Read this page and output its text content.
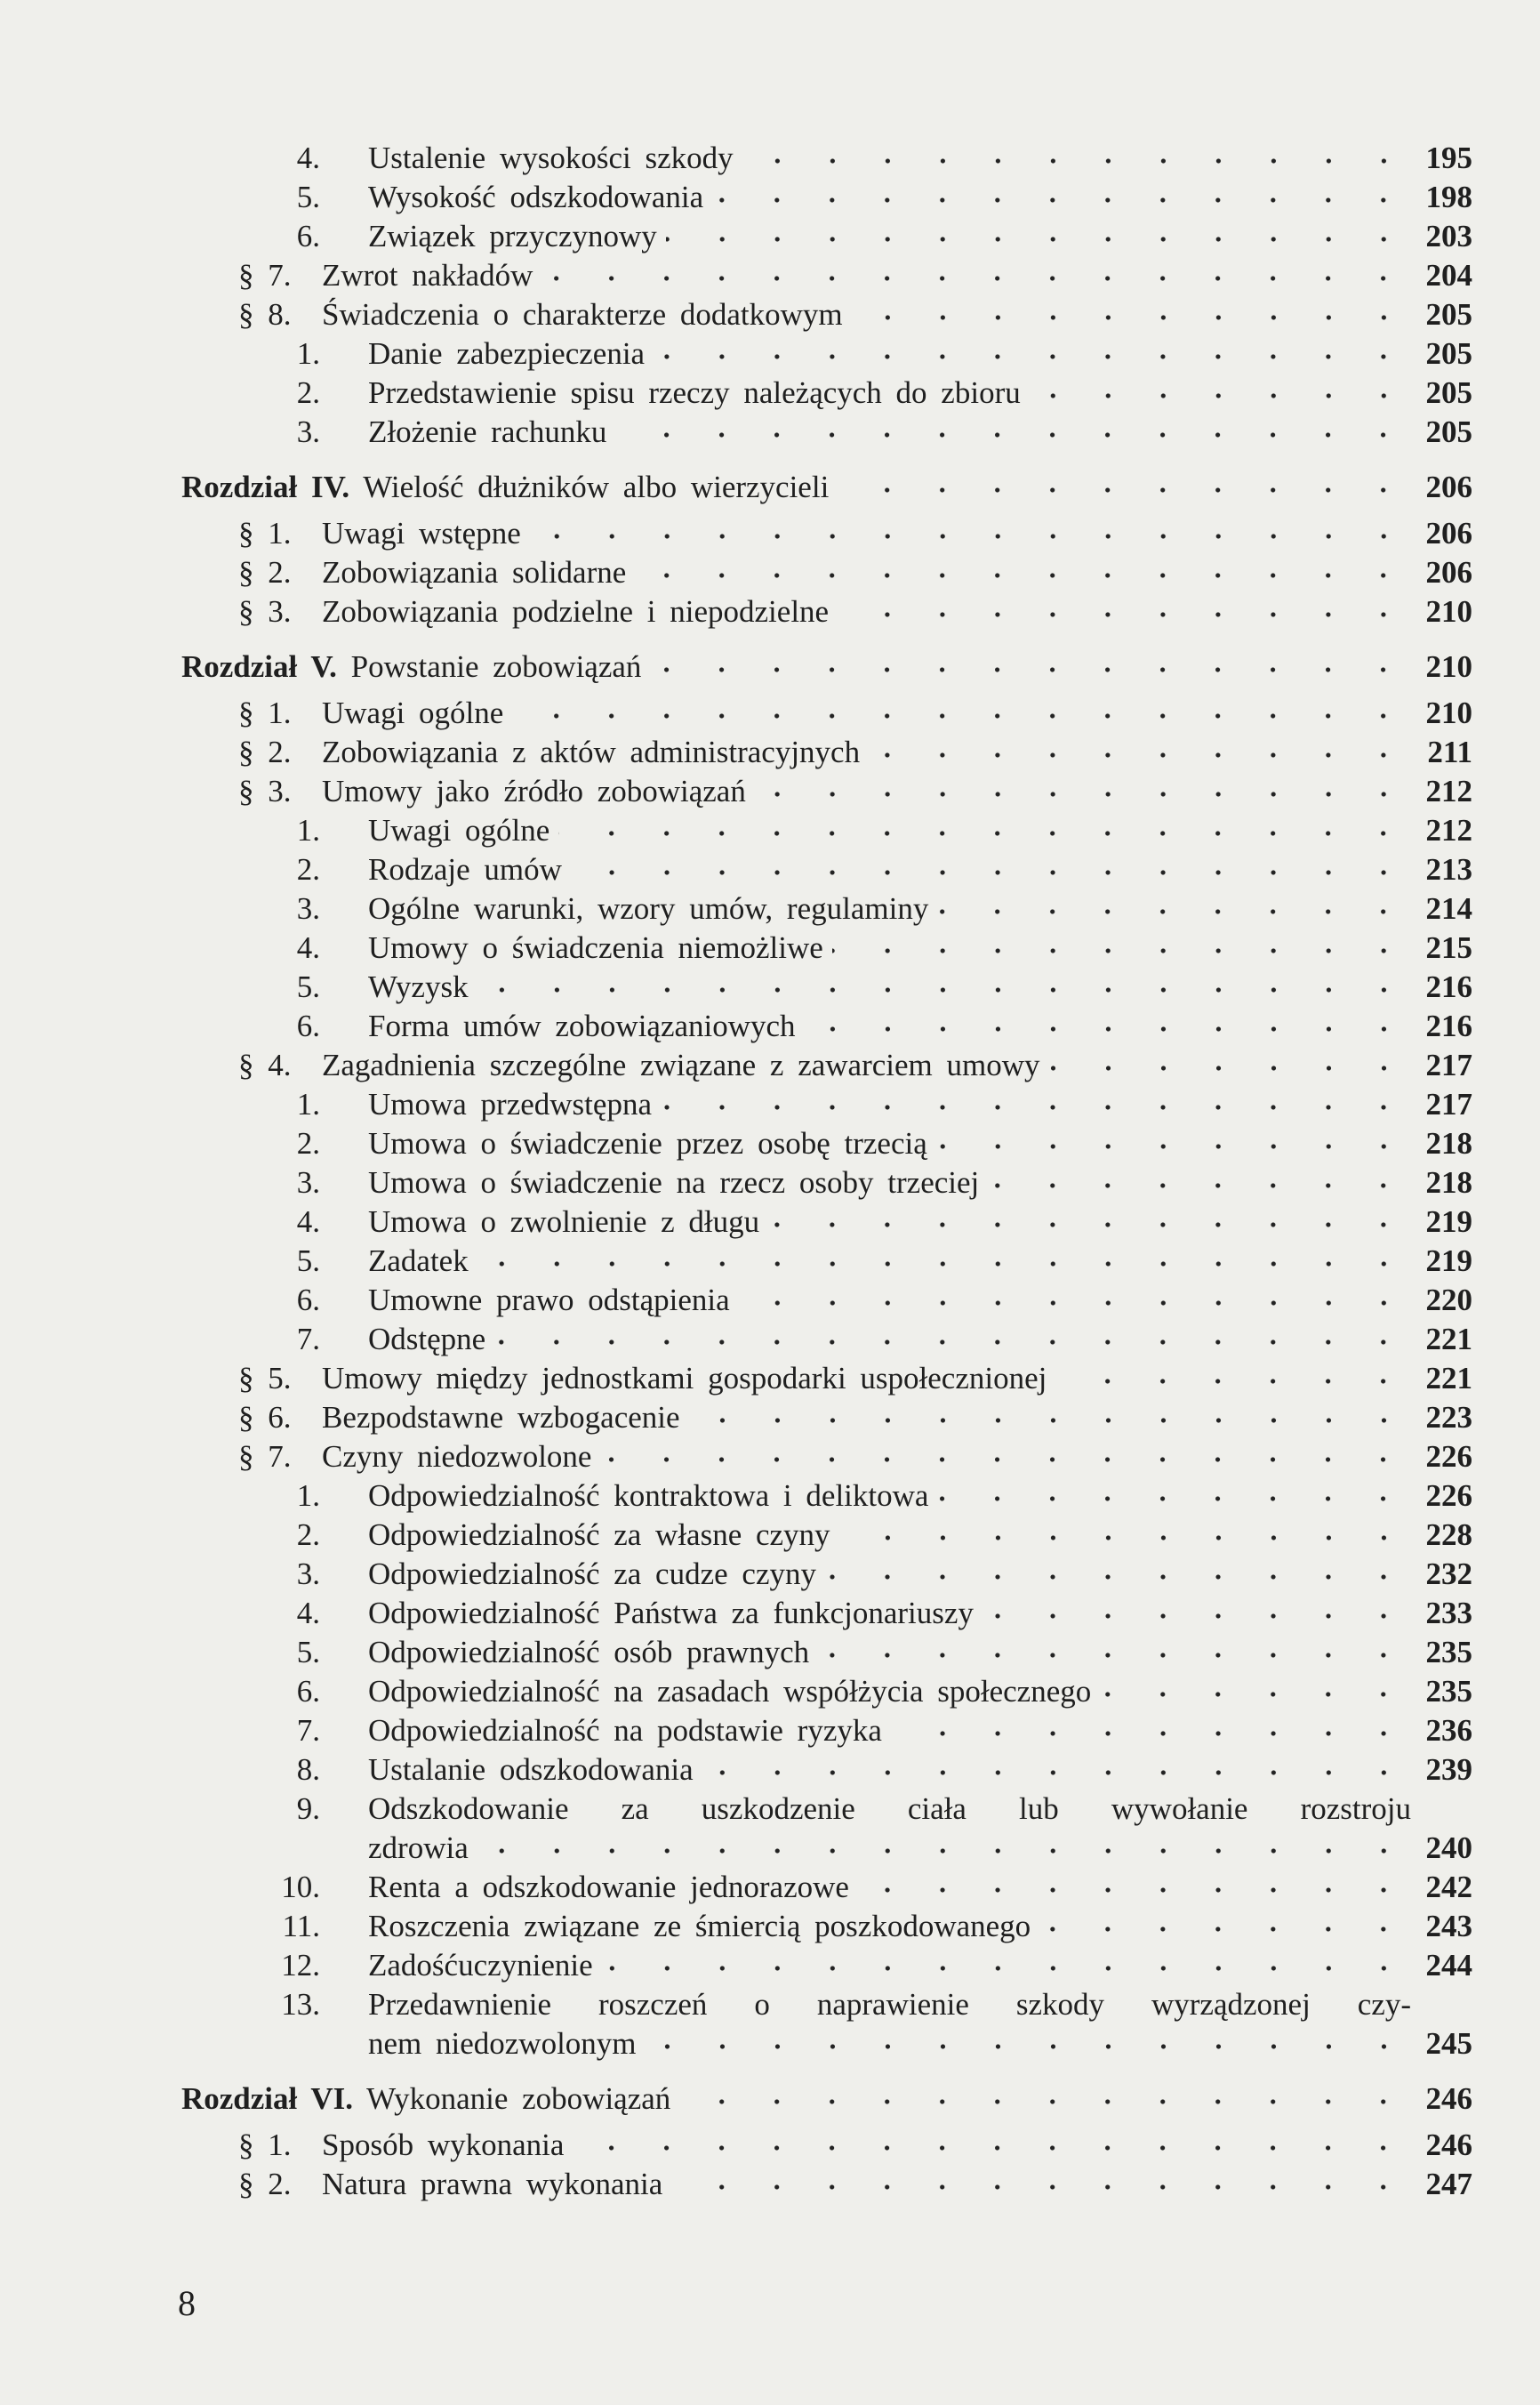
4. Ustalenie wysokości szkody	195
5. Wysokość odszkodowania	198
6. Związek przyczynowy	203
§ 7. Zwrot nakładów	204
§ 8. Świadczenia o charakterze dodatkowym	205
1. Danie zabezpieczenia	205
2. Przedstawienie spisu rzeczy należących do zbioru	205
3. Złożenie rachunku	205
Rozdział IV. Wielość dłużników albo wierzycieli	206
§ 1. Uwagi wstępne	206
§ 2. Zobowiązania solidarne	206
§ 3. Zobowiązania podzielne i niepodzielne	210
Rozdział V. Powstanie zobowiązań	210
§ 1. Uwagi ogólne	210
§ 2. Zobowiązania z aktów administracyjnych	211
§ 3. Umowy jako źródło zobowiązań	212
1. Uwagi ogólne	212
2. Rodzaje umów	213
3. Ogólne warunki, wzory umów, regulaminy	214
4. Umowy o świadczenia niemożliwe	215
5. Wyzysk	216
6. Forma umów zobowiązaniowych	216
§ 4. Zagadnienia szczególne związane z zawarciem umowy	217
1. Umowa przedwstępna	217
2. Umowa o świadczenie przez osobę trzecią	218
3. Umowa o świadczenie na rzecz osoby trzeciej	218
4. Umowa o zwolnienie z długu	219
5. Zadatek	219
6. Umowne prawo odstąpienia	220
7. Odstępne	221
§ 5. Umowy między jednostkami gospodarki uspołecznionej	221
§ 6. Bezpodstawne wzbogacenie	223
§ 7. Czyny niedozwolone	226
1. Odpowiedzialność kontraktowa i deliktowa	226
2. Odpowiedzialność za własne czyny	228
3. Odpowiedzialność za cudze czyny	232
4. Odpowiedzialność Państwa za funkcjonariuszy	233
5. Odpowiedzialność osób prawnych	235
6. Odpowiedzialność na zasadach współżycia społecznego	235
7. Odpowiedzialność na podstawie ryzyka	236
8. Ustalanie odszkodowania	239
9. Odszkodowanie za uszkodzenie ciała lub wywołanie rozstroju
zdrowia	240
10. Renta a odszkodowanie jednorazowe	242
11. Roszczenia związane ze śmiercią poszkodowanego	243
12. Zadośćuczynienie	244
13. Przedawnienie roszczeń o naprawienie szkody wyrządzonej czy-
nem niedozwolonym	245
Rozdział VI. Wykonanie zobowiązań	246
§ 1. Sposób wykonania	246
§ 2. Natura prawna wykonania	247
8
